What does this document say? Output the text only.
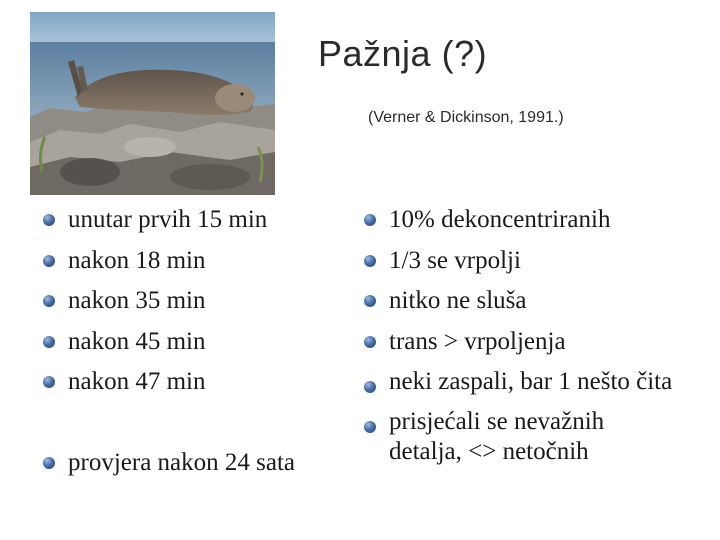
Pažnja (?)
(Verner & Dickinson, 1991.)
unutar prvih 15 min
nakon 18 min
nakon 35 min
nakon 45 min
nakon 47 min
provjera nakon 24 sata
10% dekoncentriranih
1/3 se vrpolji
nitko ne sluša
trans > vrpoljenja
neki zaspali, bar 1 nešto čita
prisjećali se nevažnih detalja, <> netočnih
